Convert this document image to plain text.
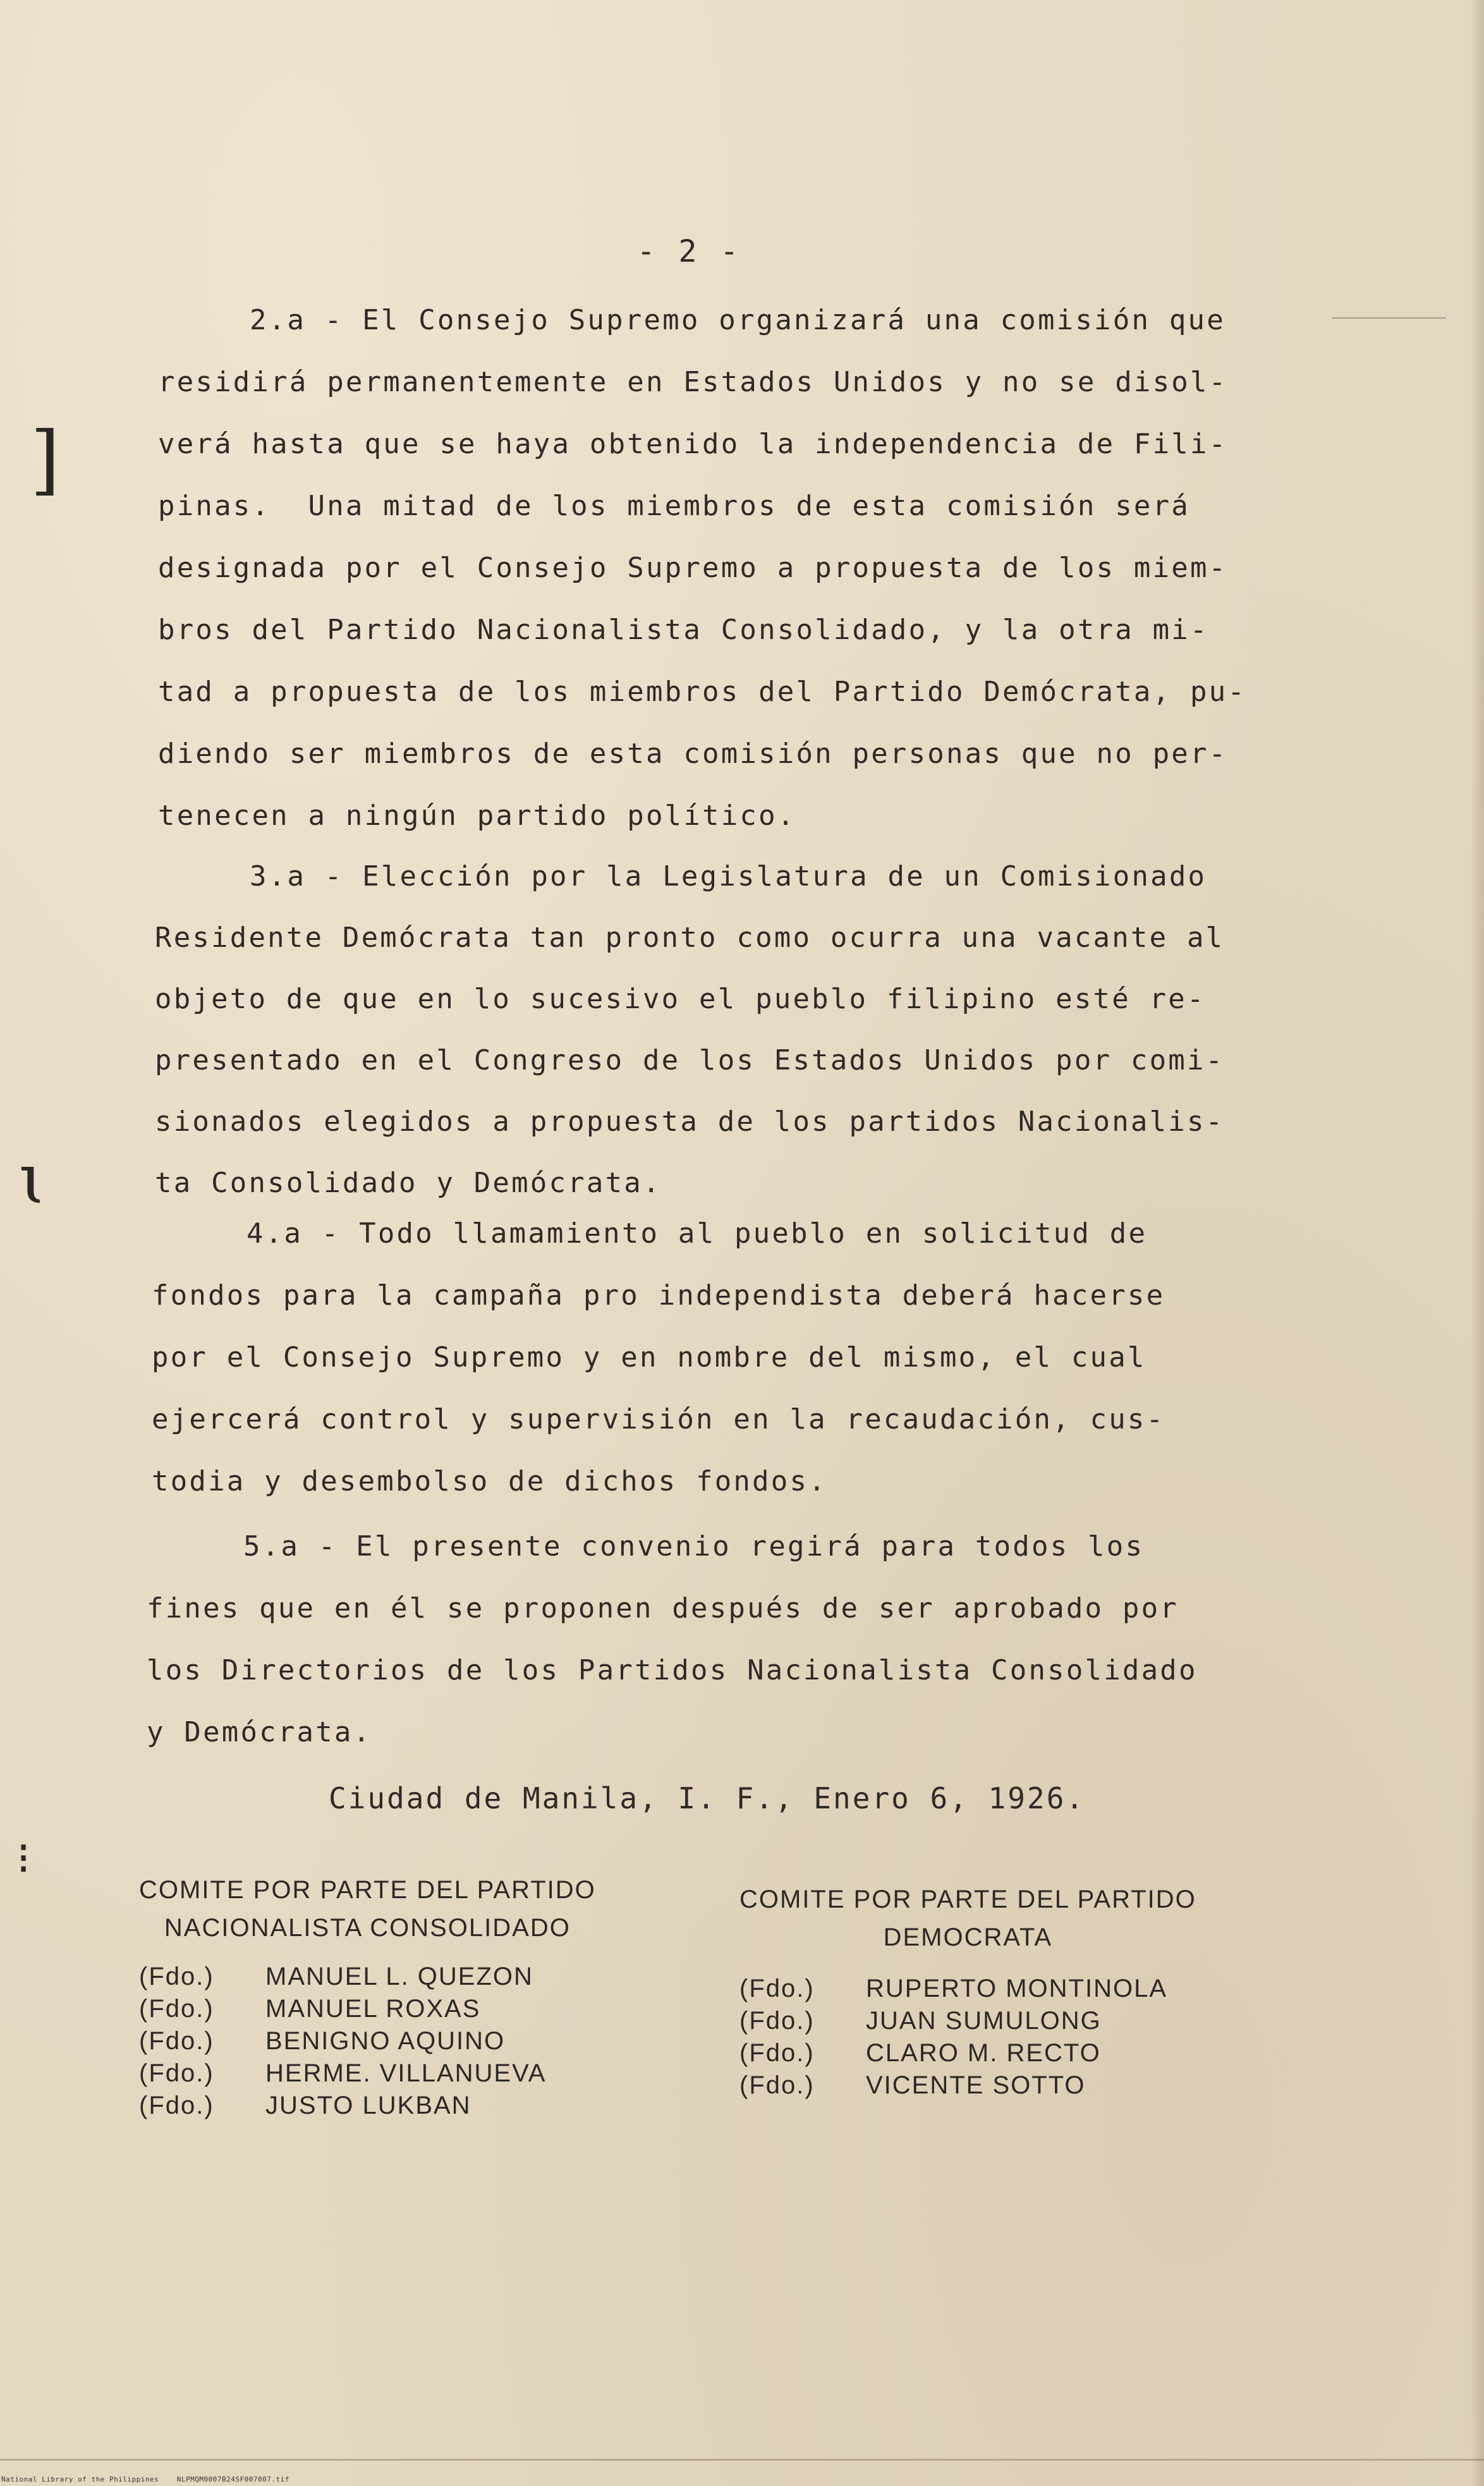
]
ɩ
⁝
- 2 -
2.a - El Consejo Supremo organizará una comisión que
residirá permanentemente en Estados Unidos y no se disol-
verá hasta que se haya obtenido la independencia de Fili-
pinas.  Una mitad de los miembros de esta comisión será
designada por el Consejo Supremo a propuesta de los miem-
bros del Partido Nacionalista Consolidado, y la otra mi-
tad a propuesta de los miembros del Partido Demócrata, pu-
diendo ser miembros de esta comisión personas que no per-
tenecen a ningún partido político.
3.a - Elección por la Legislatura de un Comisionado
Residente Demócrata tan pronto como ocurra una vacante al
objeto de que en lo sucesivo el pueblo filipino esté re-
presentado en el Congreso de los Estados Unidos por comi-
sionados elegidos a propuesta de los partidos Nacionalis-
ta Consolidado y Demócrata.
4.a - Todo llamamiento al pueblo en solicitud de
fondos para la campaña pro independista deberá hacerse
por el Consejo Supremo y en nombre del mismo, el cual
ejercerá control y supervisión en la recaudación, cus-
todia y desembolso de dichos fondos.
5.a - El presente convenio regirá para todos los
fines que en él se proponen después de ser aprobado por
los Directorios de los Partidos Nacionalista Consolidado
y Demócrata.
Ciudad de Manila, I. F., Enero 6, 1926.
COMITE POR PARTE DEL PARTIDO
NACIONALISTA CONSOLIDADO
(Fdo.)	MANUEL L. QUEZON
(Fdo.)	MANUEL ROXAS
(Fdo.)	BENIGNO AQUINO
(Fdo.)	HERME. VILLANUEVA
(Fdo.)	JUSTO LUKBAN
COMITE POR PARTE DEL PARTIDO
DEMOCRATA
(Fdo.)	RUPERTO MONTINOLA
(Fdo.)	JUAN SUMULONG
(Fdo.)	CLARO M. RECTO
(Fdo.)	VICENTE SOTTO
National Library of the Philippines    NLPMQM0007B24SF007007.tif
